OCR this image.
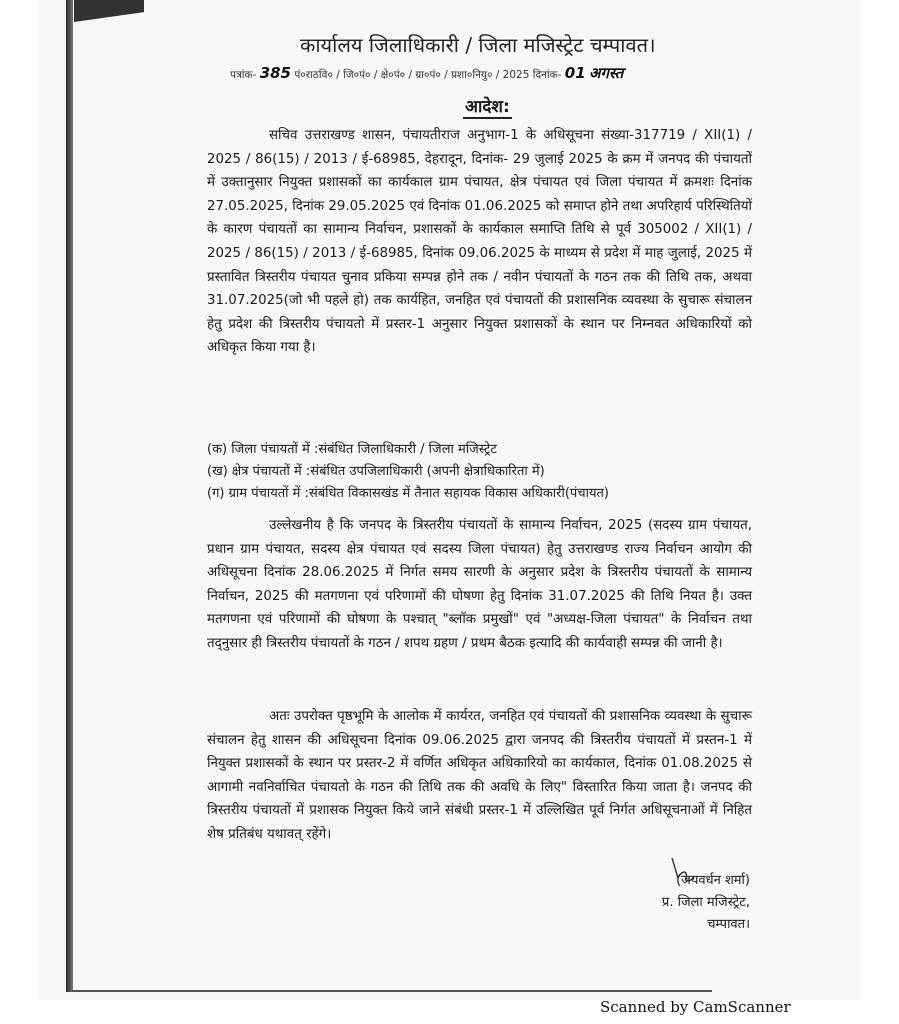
कार्यालय जिलाधिकारी / जिला मजिस्ट्रेट चम्पावत।
पत्रांक- 385 पं०राठवि० / जि०पं० / क्षे०पं० / ग्रा०पं० / प्रशा०नियु० / 2025 दिनांक- 01 अगस्त
आदेश:
सचिव उत्तराखण्ड शासन, पंचायतीराज अनुभाग-1 के अधिसूचना संख्या-317719 / XII(1) / 2025 / 86(15) / 2013 / ई-68985, देहरादून, दिनांक- 29 जुलाई 2025 के क्रम में जनपद की पंचायतों में उक्तानुसार नियुक्त प्रशासकों का कार्यकाल ग्राम पंचायत, क्षेत्र पंचायत एवं जिला पंचायत में क्रमशः दिनांक 27.05.2025, दिनांक 29.05.2025 एवं दिनांक 01.06.2025 को समाप्त होने तथा अपरिहार्य परिस्थितियों के कारण पंचायतों का सामान्य निर्वाचन, प्रशासकों के कार्यकाल समाप्ति तिथि से पूर्व 305002 / XII(1) / 2025 / 86(15) / 2013 / ई-68985, दिनांक 09.06.2025 के माध्यम से प्रदेश में माह जुलाई, 2025 में प्रस्तावित त्रिस्तरीय पंचायत चुनाव प्रकिया सम्पन्न होने तक / नवीन पंचायतों के गठन तक की तिथि तक, अथवा 31.07.2025(जो भी पहले हो) तक कार्यहित, जनहित एवं पंचायतों की प्रशासनिक व्यवस्था के सुचारू संचालन हेतु प्रदेश की त्रिस्तरीय पंचायतो में प्रस्तर-1 अनुसार नियुक्त प्रशासकों के स्थान पर निम्नवत अधिकारियों को अधिकृत किया गया है।
(क) जिला पंचायतों में :संबंधित जिलाधिकारी / जिला मजिस्ट्रेट
(ख) क्षेत्र पंचायतों में :संबंधित उपजिलाधिकारी (अपनी क्षेत्राधिकारिता में)
(ग) ग्राम पंचायतों में :संबंधित विकासखंड में तैनात सहायक विकास अधिकारी(पंचायत)
उल्लेखनीय है कि जनपद के त्रिस्तरीय पंचायतों के सामान्य निर्वाचन, 2025 (सदस्य ग्राम पंचायत, प्रधान ग्राम पंचायत, सदस्य क्षेत्र पंचायत एवं सदस्य जिला पंचायत) हेतु उत्तराखण्ड राज्य निर्वाचन आयोग की अधिसूचना दिनांक 28.06.2025 में निर्गत समय सारणी के अनुसार प्रदेश के त्रिस्तरीय पंचायतों के सामान्य निर्वाचन, 2025 की मतगणना एवं परिणामों की घोषणा हेतु दिनांक 31.07.2025 की तिथि नियत है। उक्त मतगणना एवं परिणामों की घोषणा के पश्चात् "ब्लॉक प्रमुखों" एवं "अध्यक्ष-जिला पंचायत" के निर्वाचन तथा तद्नुसार ही त्रिस्तरीय पंचायतों के गठन / शपथ ग्रहण / प्रथम बैठक इत्यादि की कार्यवाही सम्पन्न की जानी है।
अतः उपरोक्त पृष्ठभूमि के आलोक में कार्यरत, जनहित एवं पंचायतों की प्रशासनिक व्यवस्था के सुचारू संचालन हेतु शासन की अधिसूचना दिनांक 09.06.2025 द्वारा जनपद की त्रिस्तरीय पंचायतों में प्रस्तन-1 में नियुक्त प्रशासकों के स्थान पर प्रस्तर-2 में वर्णित अधिकृत अधिकारियो का कार्यकाल, दिनांक 01.08.2025 से आगामी नवनिर्वाचित पंचायतो के गठन की तिथि तक की अवधि के लिए" विस्तारित किया जाता है। जनपद की त्रिस्तरीय पंचायतों में प्रशासक नियुक्त किये जाने संबंधी प्रस्तर-1 में उल्लिखित पूर्व निर्गत अधिसूचनाओं में निहित शेष प्रतिबंध यथावत् रहेंगे।
(जयवर्धन शर्मा)
प्र. जिला मजिस्ट्रेट,
चम्पावत।
Scanned by CamScanner
